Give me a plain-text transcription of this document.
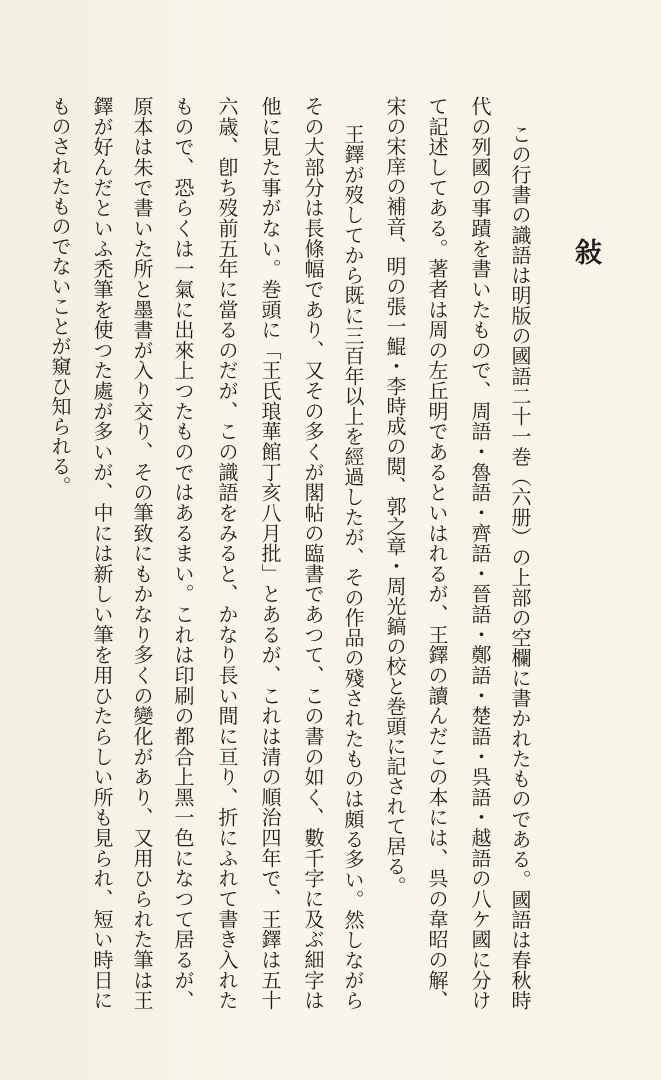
敍
この行書の識語は明版の國語二十一巻（六册）の上部の空欄に書かれたものである。國語は春秋時
代の列國の事蹟を書いたもので、周語・魯語・齊語・晉語・鄭語・楚語・呉語・越語の八ケ國に分け
て記述してある。著者は周の左丘明であるといはれるが、王鐸の讀んだこの本には、呉の韋昭の解、
宋の宋庠の補音、明の張一鯤・李時成の閲、郭之章・周光鎬の校と巻頭に記されて居る。
王鐸が歿してから既に三百年以上を經過したが、その作品の殘されたものは頗る多い。然しながら
その大部分は長條幅であり、又その多くが閣帖の臨書であつて、この書の如く、數千字に及ぶ細字は
他に見た事がない。巻頭に「王氏琅華館丁亥八月批」とあるが、これは清の順治四年で、王鐸は五十
六歳、卽ち歿前五年に當るのだが、この識語をみると、かなり長い間に亘り、折にふれて書き入れた
もので、恐らくは一氣に出來上つたものではあるまい。これは印刷の都合上黑一色になつて居るが、
原本は朱で書いた所と墨書が入り交り、その筆致にもかなり多くの變化があり、又用ひられた筆は王
鐸が好んだといふ禿筆を使つた處が多いが、中には新しい筆を用ひたらしい所も見られ、短い時日に
ものされたものでないことが窺ひ知られる。
